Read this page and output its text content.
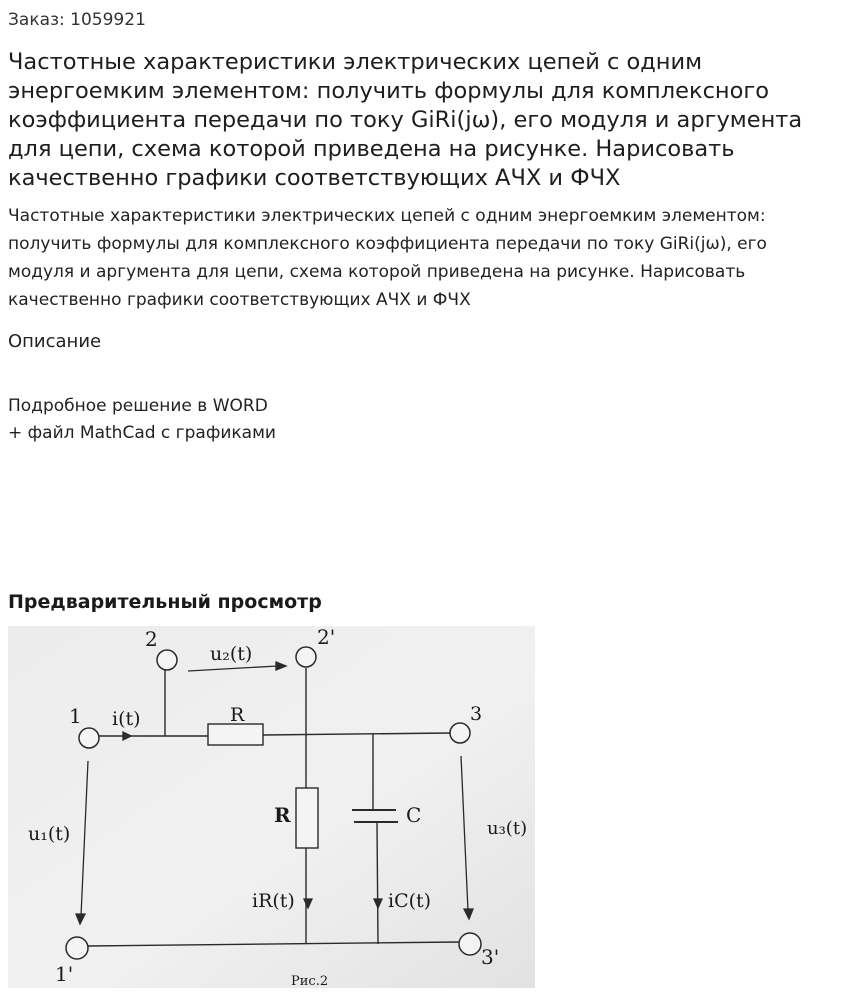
Заказ: 1059921
Частотные характеристики электрических цепей с одним энергоемким элементом: получить формулы для комплексного коэффициента передачи по току GiRi(jω), его модуля и аргумента для цепи, схема которой приведена на рисунке. Нарисовать качественно графики соответствующих АЧХ и ФЧХ

Частотные характеристики электрических цепей с одним энергоемким элементом: получить формулы для комплексного коэффициента передачи по току GiRi(jω), его модуля и аргумента для цепи, схема которой приведена на рисунке. Нарисовать качественно графики соответствующих АЧХ и ФЧХ

Описание
Подробное решение в WORD
+ файл MathCad с графиками
Предварительный просмотр
2	2'
u₂(t)
1 i(t)	R	3
R	C
u₁(t)	u₃(t)
iR(t)	iC(t)
1'
3'
Рис.2
